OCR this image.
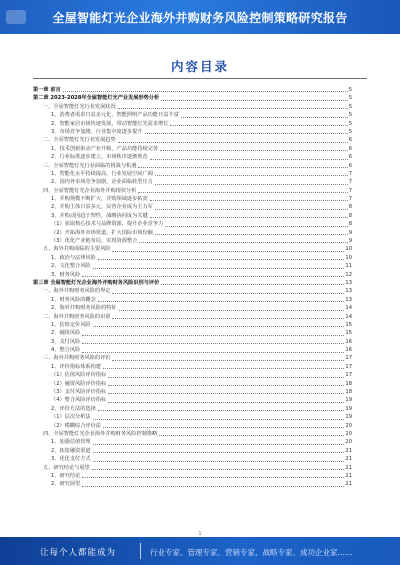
全屋智能灯光企业海外并购财务风险控制策略研究报告
内容目录
第一章 前言	5
第二章 2023-2028年全屋智能灯光产业发展形势分析	5
一、全屋智能灯光行业发展状况	5
1、消费者需求日益多元化，智能照明产品功能日益丰富	5
2、智能家居市场快速发展，带动智能灯光需求增长	5
3、市场竞争加剧，行业集中度逐步提升	5
二、全屋智能灯光行业发展趋势	6
1、技术创新驱动产业升级，产品功能持续完善	6
2、行业标准逐步建立，市场秩序逐渐规范	6
三、全屋智能灯光行业面临的挑战与机遇	6
1、智能化水平持续提高，行业发展空间广阔	7
2、国内外市场竞争加剧，企业面临转型压力	7
四、全屋智能灯光企业海外并购现状分析	7
1、并购规模不断扩大，并购领域逐步拓宽	7
2、并购主体日益多元，民营企业成为主力军	8
3、并购动因趋于理性，战略协同成为关键	8
（1）获取核心技术与品牌资源，提升企业竞争力	8
（2）开拓海外市场渠道，扩大国际市场份额	9
（3）优化产业链布局，实现资源整合	9
五、海外并购面临的主要风险	10
1、政治与法律风险	10
2、文化整合风险	11
3、财务风险	12
第三章 全屋智能灯光企业海外并购财务风险识别与评价	13
一、海外并购财务风险的界定	13
1、财务风险的概念	13
2、海外并购财务风险的特征	14
二、海外并购财务风险的识别	14
1、估值定价风险	15
2、融资风险	15
3、支付风险	16
4、整合风险	16
三、海外并购财务风险的评价	17
1、评价指标体系构建	17
（1）估值风险评价指标	17
（2）融资风险评价指标	18
（3）支付风险评价指标	18
（4）整合风险评价指标	19
2、评价方法的选择	19
（1）层次分析法	19
（2）模糊综合评价法	20
四、全屋智能灯光企业海外并购财务风险控制策略	20
1、加强估值管理	20
2、拓宽融资渠道	21
3、优化支付方式	21
五、研究结论与展望	21
1、研究结论	21
2、研究展望	21
1
让每个人都能成为	行业专家、管理专家、营销专家、战略专家、成功企业家……
